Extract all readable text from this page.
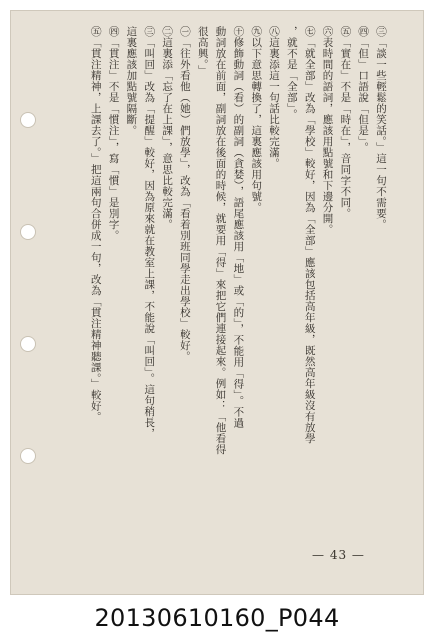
㊂「談一些輕鬆的笑話。」這一句不需要。
㊃「但」口語說「但是」。
㊄「實在」不是「時在」，音同字不同。
㊅表時間的語詞，應該用點號和下邊分開。
㊆「就全部」改為「學校」較好，因為「全部」應該包括高年級，既然高年級沒有放學
，就不是「全部」。
㊇這裏添這一句話比較完滿。
㊈以下意思轉換了，這裏應該用句號。
㊉修飾動詞（看）的副詞（貪婪），語尾應該用「地」或「的」，不能用「得」。不過
動詞放在前面，副詞放在後面的時候，就要用「得」來把它們連接起來。例如：「他看得
很高興。」
㊀「往外看他（她）們放學」，改為「看着別班同學走出學校」較好。
㊁這裏添「忘了在上課」，意思比較完滿。
㊂「叫回」改為「提醒」較好，因為原來就在教室上課，不能說「叫回」。這句稍長，
這裏應該加點號隔斷。
㊃「貫注」不是「慣注」，寫「慣」是別字。
㊄「貫注精神，上課去了。」把這兩句合併成一句，改為「貫注精神聽課。」較好。
— 43 —
20130610160_P044
